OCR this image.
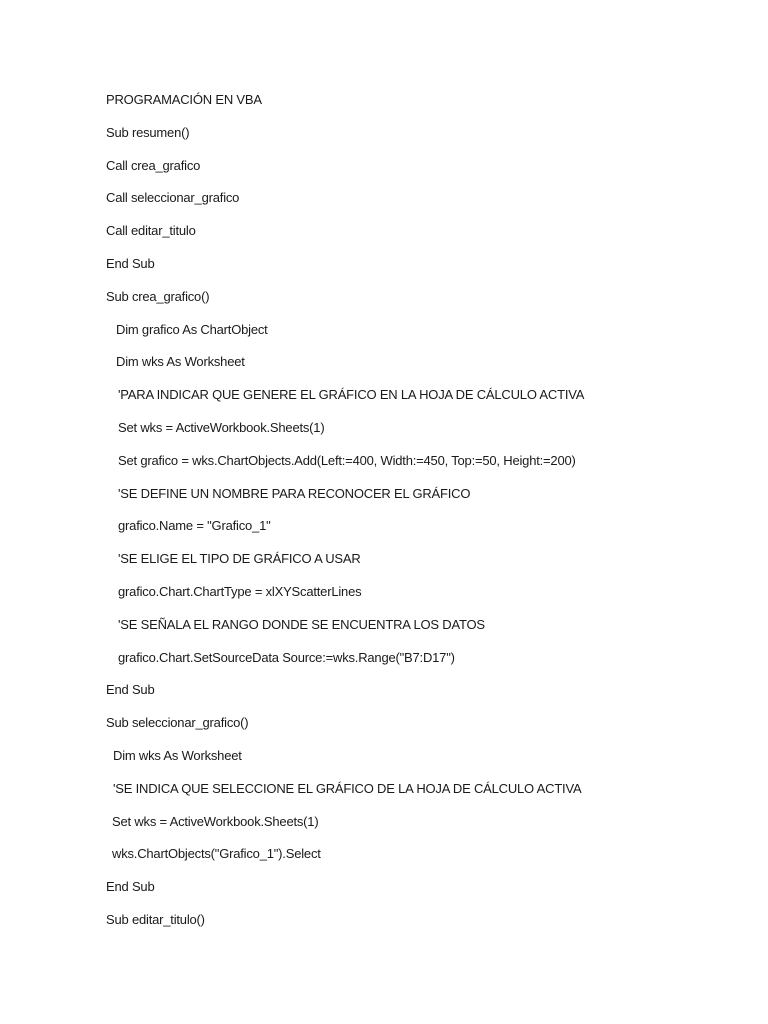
PROGRAMACIÓN EN VBA
Sub resumen()
Call crea_grafico
Call seleccionar_grafico
Call editar_titulo
End Sub
Sub crea_grafico()
Dim grafico As ChartObject
Dim wks As Worksheet
'PARA INDICAR QUE GENERE EL GRÁFICO EN LA HOJA DE CÁLCULO ACTIVA
Set wks = ActiveWorkbook.Sheets(1)
Set grafico = wks.ChartObjects.Add(Left:=400, Width:=450, Top:=50, Height:=200)
'SE DEFINE UN NOMBRE PARA RECONOCER EL GRÁFICO
grafico.Name = "Grafico_1"
'SE ELIGE EL TIPO DE GRÁFICO A USAR
grafico.Chart.ChartType = xlXYScatterLines
'SE SEÑALA EL RANGO DONDE SE ENCUENTRA LOS DATOS
grafico.Chart.SetSourceData Source:=wks.Range("B7:D17")
End Sub
Sub seleccionar_grafico()
Dim wks As Worksheet
'SE INDICA QUE SELECCIONE EL GRÁFICO DE LA HOJA DE CÁLCULO ACTIVA
Set wks = ActiveWorkbook.Sheets(1)
wks.ChartObjects("Grafico_1").Select
End Sub
Sub editar_titulo()
